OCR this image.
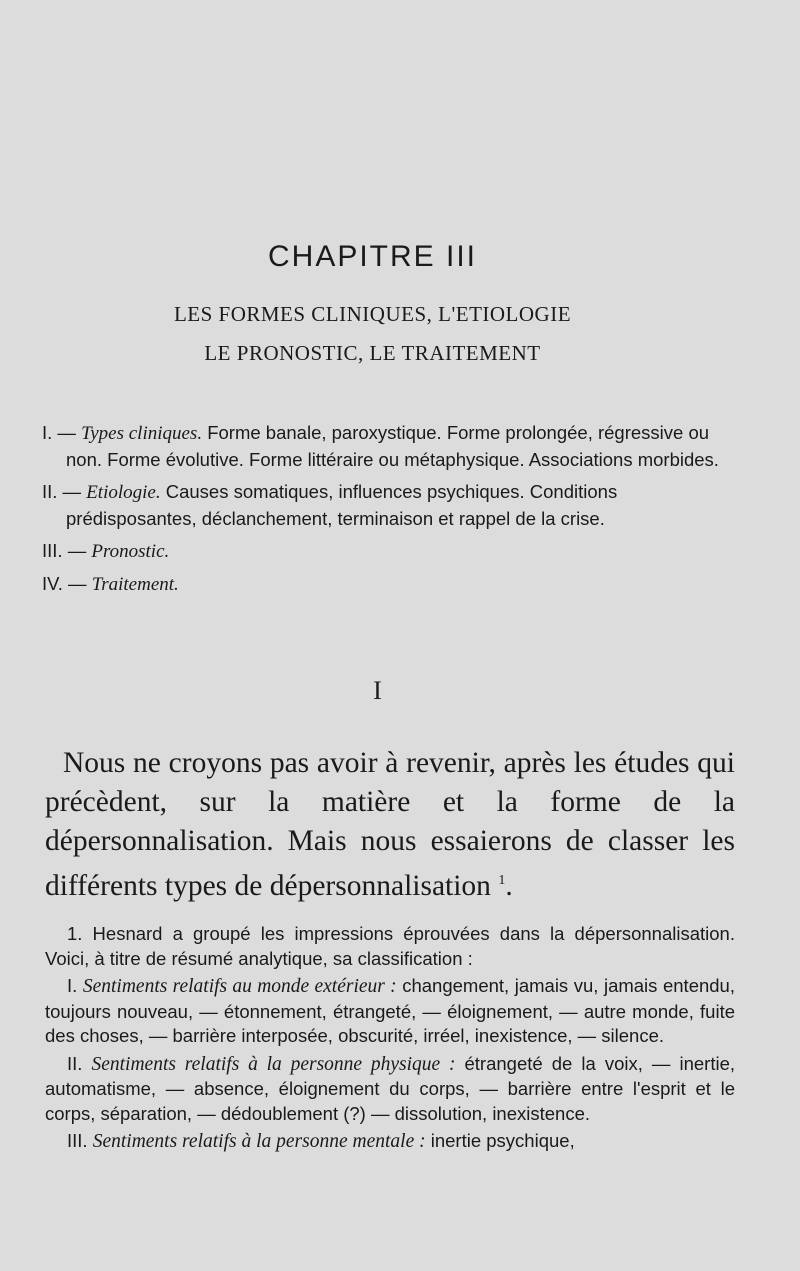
CHAPITRE III
LES FORMES CLINIQUES, L'ETIOLOGIE
LE PRONOSTIC, LE TRAITEMENT
I. — Types cliniques. Forme banale, paroxystique. Forme prolongée, régressive ou non. Forme évolutive. Forme littéraire ou métaphysique. Associations morbides.
II. — Etiologie. Causes somatiques, influences psychiques. Conditions prédisposantes, déclanchement, terminaison et rappel de la crise.
III. — Pronostic.
IV. — Traitement.
I
Nous ne croyons pas avoir à revenir, après les études qui précèdent, sur la matière et la forme de la dépersonnalisation. Mais nous essaierons de classer les différents types de dépersonnalisation $^1$.

1. Hesnard a groupé les impressions éprouvées dans la dépersonnalisation. Voici, à titre de résumé analytique, sa classification :

I. Sentiments relatifs au monde extérieur : changement, jamais vu, jamais entendu, toujours nouveau, — étonnement, étrangeté, — éloignement, — autre monde, fuite des choses, — barrière interposée, obscurité, irréel, inexistence, — silence.

II. Sentiments relatifs à la personne physique : étrangeté de la voix, — inertie, automatisme, — absence, éloignement du corps, — barrière entre l'esprit et le corps, séparation, — dédoublement (?) — dissolution, inexistence.

III. Sentiments relatifs à la personne mentale : inertie psychique,
